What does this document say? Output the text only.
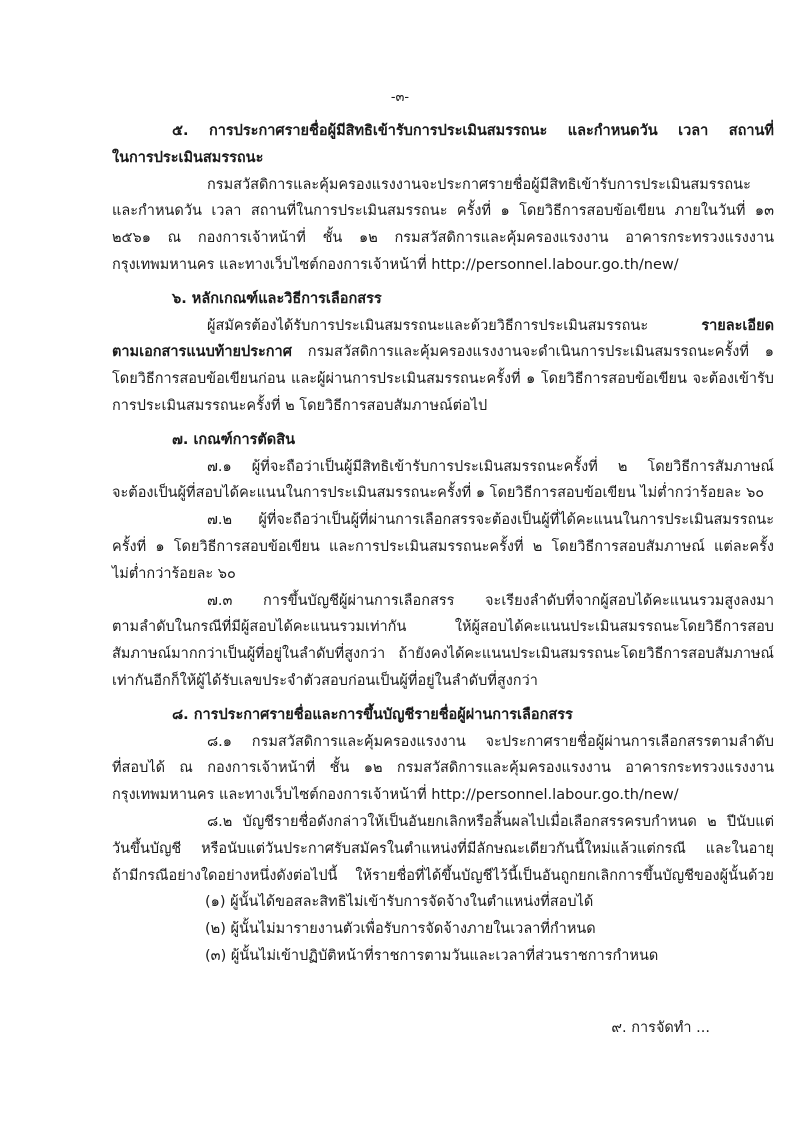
-๓-
๕. การประกาศรายชื่อผู้มีสิทธิเข้ารับการประเมินสมรรถนะ และกำหนดวัน เวลา สถานที่
ในการประเมินสมรรถนะ
กรมสวัสดิการและคุ้มครองแรงงานจะประกาศรายชื่อผู้มีสิทธิเข้ารับการประเมินสมรรถนะ
และกำหนดวัน เวลา สถานที่ในการประเมินสมรรถนะ ครั้งที่ ๑ โดยวิธีการสอบข้อเขียน ภายในวันที่ ๑๓
๒๕๖๑ ณ กองการเจ้าหน้าที่ ชั้น ๑๒ กรมสวัสดิการและคุ้มครองแรงงาน อาคารกระทรวงแรงงาน
กรุงเทพมหานคร และทางเว็บไซต์กองการเจ้าหน้าที่ http://personnel.labour.go.th/new/
๖. หลักเกณฑ์และวิธีการเลือกสรร
ผู้สมัครต้องได้รับการประเมินสมรรถนะและด้วยวิธีการประเมินสมรรถนะ รายละเอียด
ตามเอกสารแนบท้ายประกาศ กรมสวัสดิการและคุ้มครองแรงงานจะดำเนินการประเมินสมรรถนะครั้งที่ ๑
โดยวิธีการสอบข้อเขียนก่อน และผู้ผ่านการประเมินสมรรถนะครั้งที่ ๑ โดยวิธีการสอบข้อเขียน จะต้องเข้ารับ
การประเมินสมรรถนะครั้งที่ ๒ โดยวิธีการสอบสัมภาษณ์ต่อไป
๗. เกณฑ์การตัดสิน
๗.๑ ผู้ที่จะถือว่าเป็นผู้มีสิทธิเข้ารับการประเมินสมรรถนะครั้งที่ ๒ โดยวิธีการสัมภาษณ์
จะต้องเป็นผู้ที่สอบได้คะแนนในการประเมินสมรรถนะครั้งที่ ๑ โดยวิธีการสอบข้อเขียน ไม่ต่ำกว่าร้อยละ ๖๐
๗.๒ ผู้ที่จะถือว่าเป็นผู้ที่ผ่านการเลือกสรรจะต้องเป็นผู้ที่ได้คะแนนในการประเมินสมรรถนะ
ครั้งที่ ๑ โดยวิธีการสอบข้อเขียน และการประเมินสมรรถนะครั้งที่ ๒ โดยวิธีการสอบสัมภาษณ์ แต่ละครั้ง
ไม่ต่ำกว่าร้อยละ ๖๐
๗.๓ การขึ้นบัญชีผู้ผ่านการเลือกสรร จะเรียงลำดับที่จากผู้สอบได้คะแนนรวมสูงลงมา
ตามลำดับในกรณีที่มีผู้สอบได้คะแนนรวมเท่ากัน ให้ผู้สอบได้คะแนนประเมินสมรรถนะโดยวิธีการสอบ
สัมภาษณ์มากกว่าเป็นผู้ที่อยู่ในลำดับที่สูงกว่า ถ้ายังคงได้คะแนนประเมินสมรรถนะโดยวิธีการสอบสัมภาษณ์
เท่ากันอีกก็ให้ผู้ได้รับเลขประจำตัวสอบก่อนเป็นผู้ที่อยู่ในลำดับที่สูงกว่า
๘. การประกาศรายชื่อและการขึ้นบัญชีรายชื่อผู้ผ่านการเลือกสรร
๘.๑ กรมสวัสดิการและคุ้มครองแรงงาน จะประกาศรายชื่อผู้ผ่านการเลือกสรรตามลำดับ
ที่สอบได้ ณ กองการเจ้าหน้าที่ ชั้น ๑๒ กรมสวัสดิการและคุ้มครองแรงงาน อาคารกระทรวงแรงงาน
กรุงเทพมหานคร และทางเว็บไซต์กองการเจ้าหน้าที่ http://personnel.labour.go.th/new/
๘.๒ บัญชีรายชื่อดังกล่าวให้เป็นอันยกเลิกหรือสิ้นผลไปเมื่อเลือกสรรครบกำหนด ๒ ปีนับแต่
วันขึ้นบัญชี หรือนับแต่วันประกาศรับสมัครในตำแหน่งที่มีลักษณะเดียวกันนี้ใหม่แล้วแต่กรณี และในอายุ
ถ้ามีกรณีอย่างใดอย่างหนึ่งดังต่อไปนี้ ให้รายชื่อที่ได้ขึ้นบัญชีไว้นี้เป็นอันถูกยกเลิกการขึ้นบัญชีของผู้นั้นด้วย
(๑) ผู้นั้นได้ขอสละสิทธิไม่เข้ารับการจัดจ้างในตำแหน่งที่สอบได้
(๒) ผู้นั้นไม่มารายงานตัวเพื่อรับการจัดจ้างภายในเวลาที่กำหนด
(๓) ผู้นั้นไม่เข้าปฏิบัติหน้าที่ราชการตามวันและเวลาที่ส่วนราชการกำหนด
๙. การจัดทำ ...
